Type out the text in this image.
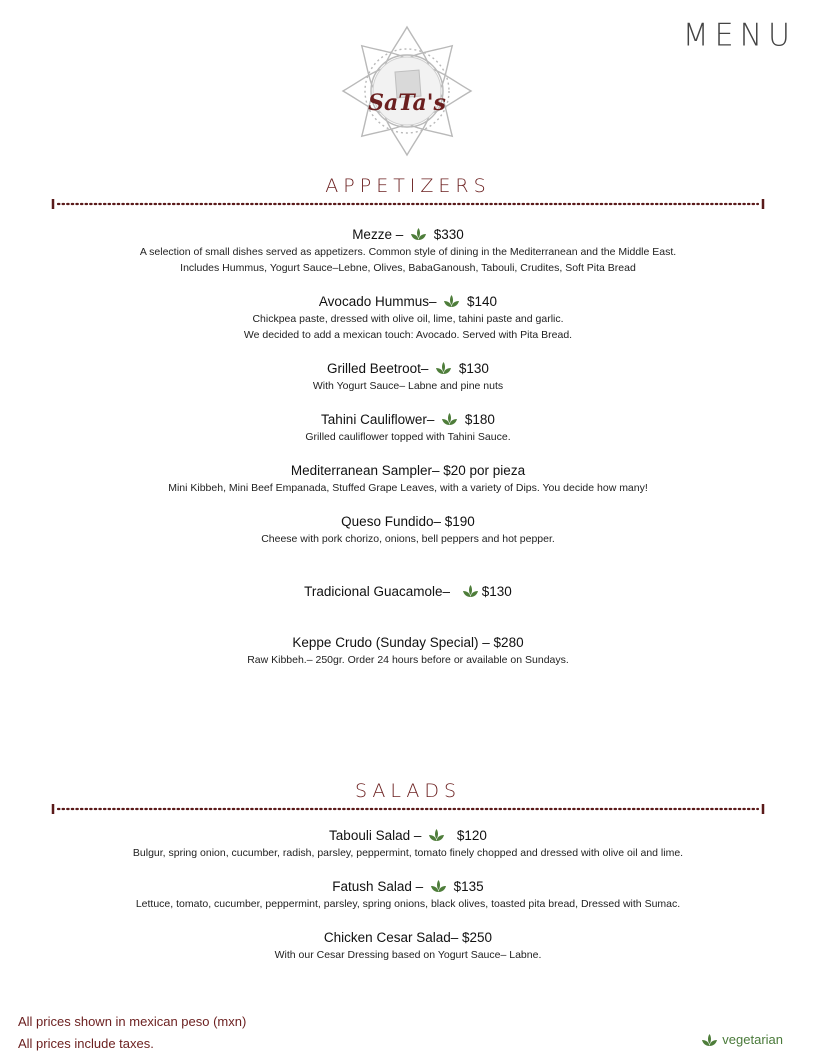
MENU
SaTa's
APPETIZERS
Mezze – $330
A selection of small dishes served as appetizers. Common style of dining in the Mediterranean and the Middle East.
Includes Hummus, Yogurt Sauce–Lebne, Olives, BabaGanoush, Tabouli, Crudites, Soft Pita Bread
Avocado Hummus– $140
Chickpea paste, dressed with olive oil, lime, tahini paste and garlic.
We decided to add a mexican touch: Avocado. Served with Pita Bread.
Grilled Beetroot– $130
With Yogurt Sauce– Labne and pine nuts
Tahini Cauliflower– $180
Grilled cauliflower topped with Tahini Sauce.
Mediterranean Sampler– $20 por pieza
Mini Kibbeh, Mini Beef Empanada, Stuffed Grape Leaves, with a variety of Dips. You decide how many!
Queso Fundido– $190
Cheese with pork chorizo, onions, bell peppers and hot pepper.
Tradicional Guacamole– $130
Keppe Crudo (Sunday Special) – $280
Raw Kibbeh.– 250gr. Order 24 hours before or available on Sundays.
SALADS
Tabouli Salad –	$120
Bulgur, spring onion, cucumber, radish, parsley, peppermint, tomato finely chopped and dressed with olive oil and lime.
Fatush Salad – $135
Lettuce, tomato, cucumber, peppermint, parsley, spring onions, black olives, toasted pita bread, Dressed with Sumac.
Chicken Cesar Salad– $250
With our Cesar Dressing based on Yogurt Sauce– Labne.
All prices shown in mexican peso (mxn)
All prices include taxes.	vegetarian
